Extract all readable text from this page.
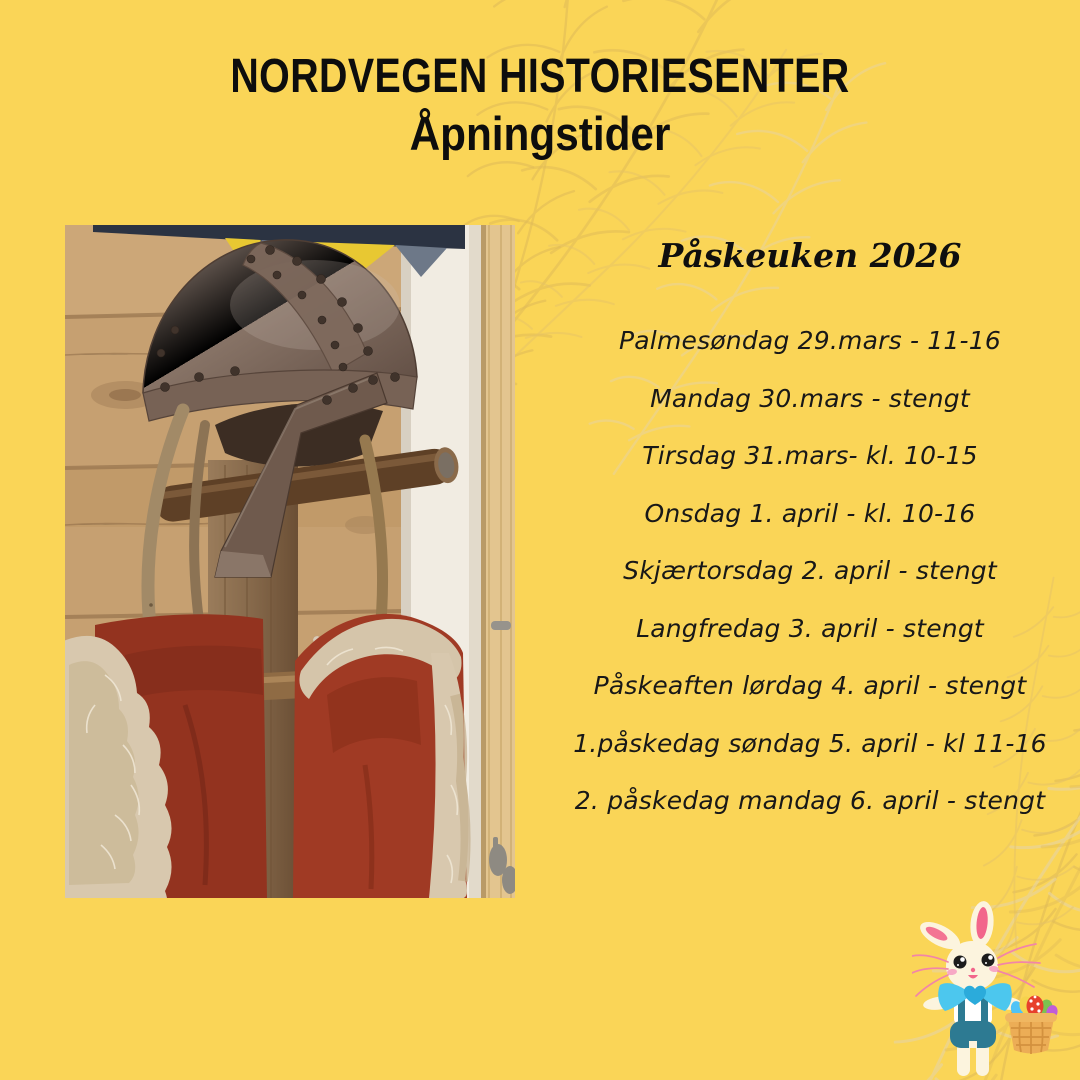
NORDVEGEN HISTORIESENTER
Åpningstider
Påskeuken 2026
Palmesøndag 29.mars - 11-16
Mandag 30.mars - stengt
Tirsdag 31.mars- kl. 10-15
Onsdag 1. april - kl. 10-16
Skjærtorsdag 2. april - stengt
Langfredag 3. april - stengt
Påskeaften lørdag 4. april - stengt
1.påskedag søndag 5. april - kl 11-16
2. påskedag mandag 6. april - stengt
